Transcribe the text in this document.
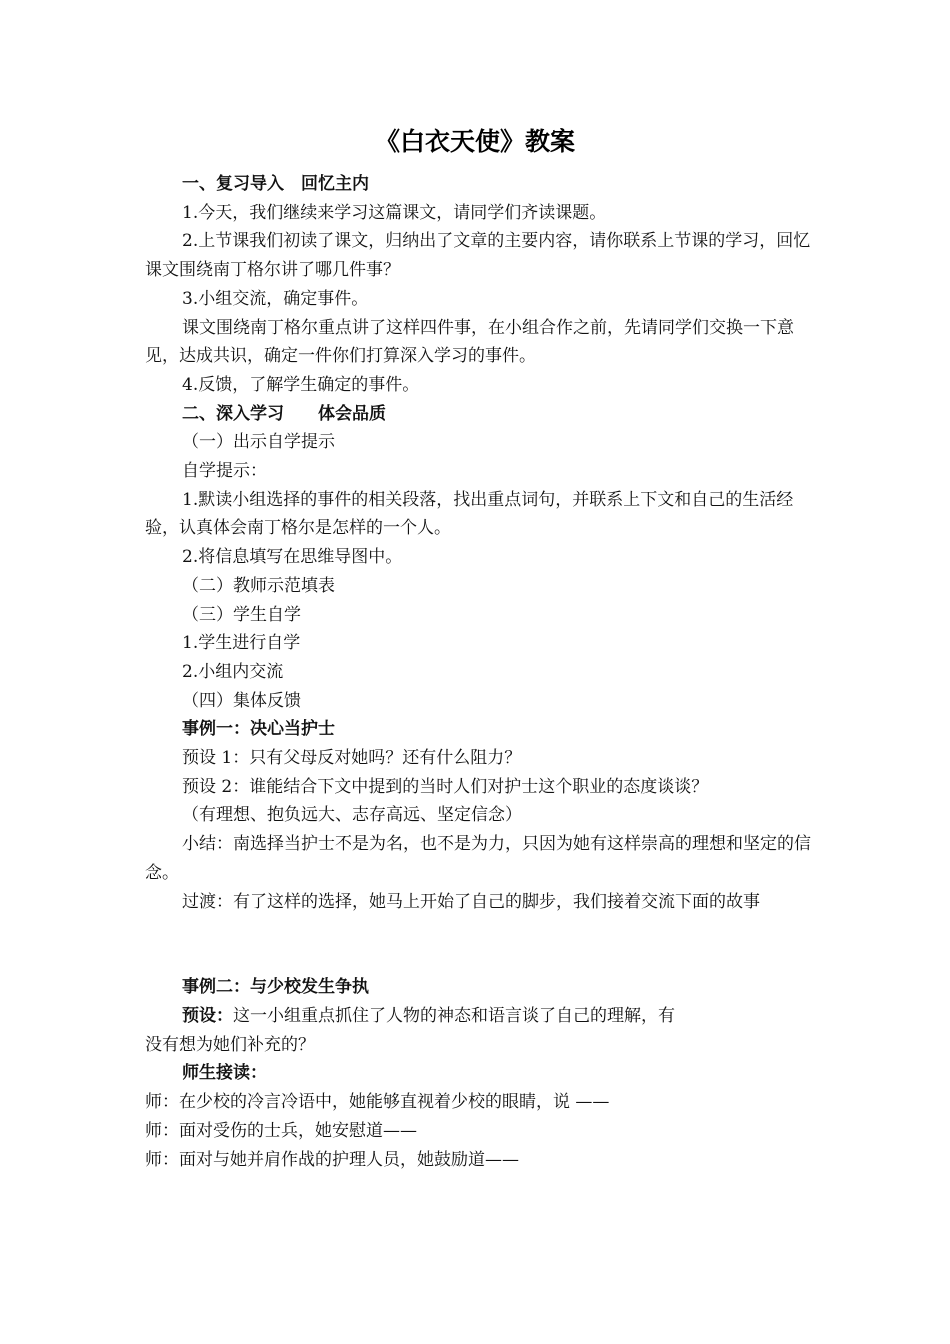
《白衣天使》教案

一、复习导入　回忆主内

1.今天，我们继续来学习这篇课文，请同学们齐读课题。

2.上节课我们初读了课文，归纳出了文章的主要内容，请你联系上节课的学习，回忆课文围绕南丁格尔讲了哪几件事？

3.小组交流，确定事件。

课文围绕南丁格尔重点讲了这样四件事，在小组合作之前，先请同学们交换一下意见，达成共识，确定一件你们打算深入学习的事件。

4.反馈，了解学生确定的事件。

二、深入学习　　体会品质

（一）出示自学提示

自学提示：

1.默读小组选择的事件的相关段落，找出重点词句，并联系上下文和自己的生活经验，认真体会南丁格尔是怎样的一个人。

2.将信息填写在思维导图中。

（二）教师示范填表

（三）学生自学

1.学生进行自学

2.小组内交流

（四）集体反馈

事例一：决心当护士

预设 1：只有父母反对她吗？还有什么阻力？

预设 2：谁能结合下文中提到的当时人们对护士这个职业的态度谈谈？

（有理想、抱负远大、志存高远、坚定信念）

小结：南选择当护士不是为名，也不是为力，只因为她有这样崇高的理想和坚定的信念。

过渡：有了这样的选择，她马上开始了自己的脚步，我们接着交流下面的故事

事例二：与少校发生争执

预设：这一小组重点抓住了人物的神态和语言谈了自己的理解，有

没有想为她们补充的？

师生接读：

师：在少校的冷言冷语中，她能够直视着少校的眼睛，说 ——

师：面对受伤的士兵，她安慰道——

师：面对与她并肩作战的护理人员，她鼓励道——
